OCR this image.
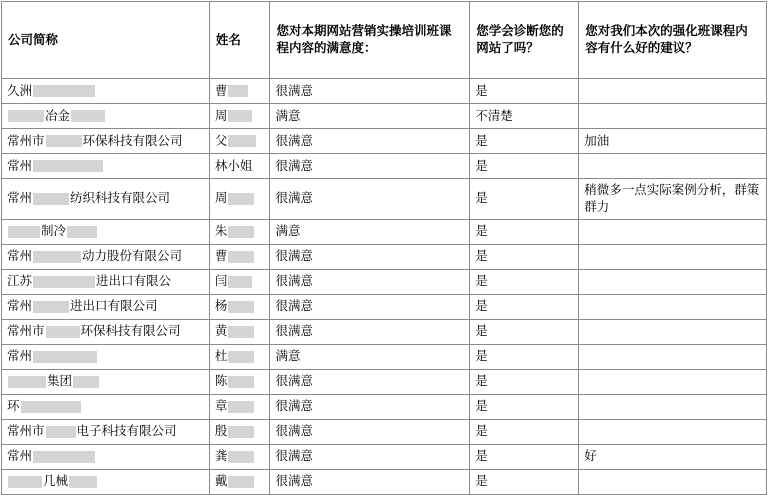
公司简称	姓名	您对本期网站营销实操培训班课程内容的满意度：	您学会诊断您的网站了吗？	您对我们本次的强化班课程内容有什么好的建议？

久洲	曹	很满意	是	

冶金	周	满意	不清楚	

常州市 环保科技有限公司	父	很满意	是	加油

常州	林小姐	很满意	是	

常州 纺织科技有限公司	周	很满意	是	稍微多一点实际案例分析，群策群力

制冷	朱	满意	是	

常州 动力股份有限公司	曹	很满意	是	

江苏 进出口有限公	闫	很满意	是	

常州 进出口有限公司	杨	很满意	是	

常州市 环保科技有限公司	黄	很满意	是	

常州	杜	满意	是	

集团	陈	很满意	是	

环	章	很满意	是	

常州市 电子科技有限公司	殷	很满意	是	

常州	龚	很满意	是	好

几械	戴	很满意	是	
